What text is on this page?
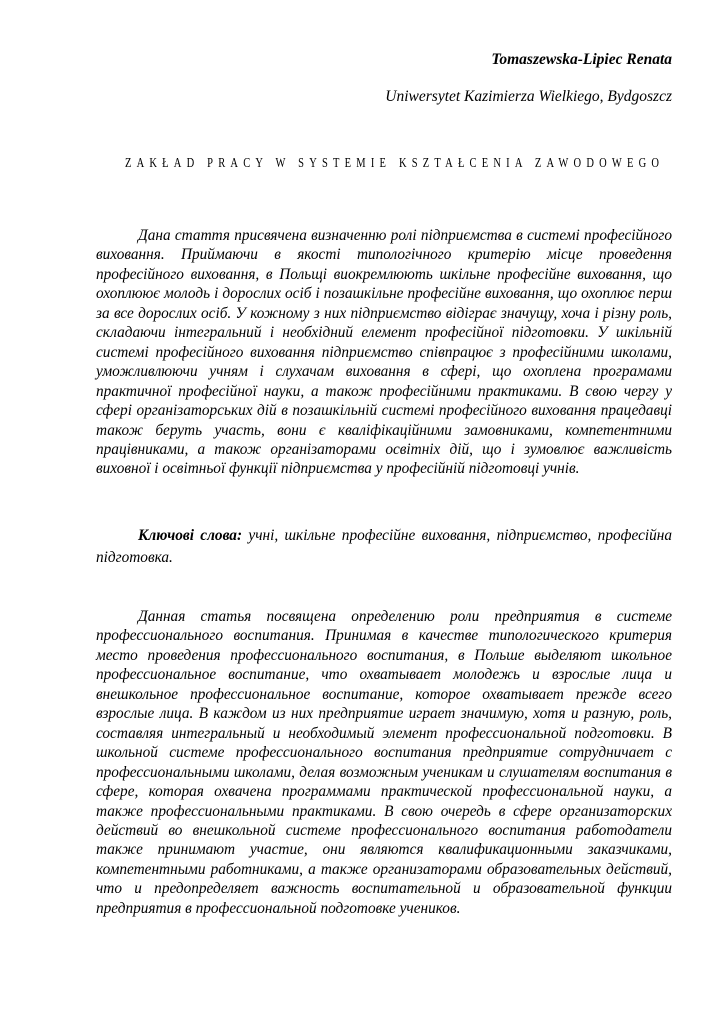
Tomaszewska-Lipiec Renata
Uniwersytet Kazimierza Wielkiego, Bydgoszcz
ZAKŁAD PRACY W SYSTEMIE KSZTAŁCENIA ZAWODOWEGO

Дана стаття присвячена визначенню ролі підприємства в системі професійного виховання. Приймаючи в якості типологічного критерію місце проведення професійного виховання, в Польщі виокремлюють шкільне професійне виховання, що охоплюює молодь і дорослих осіб і позашкільне професійне виховання, що охоплює перш за все дорослих осіб. У кожному з них підприємство відіграє значущу, хоча і різну роль, складаючи інтегральний і необхідний елемент професійної підготовки. У шкільній системі професійного виховання підприємство співпрацює з професійними школами, уможливлюючи учням і слухачам виховання в сфері, що охоплена програмами практичної професійної науки, а також професійними практиками. В свою чергу у сфері організаторських дій в позашкільній системі професійного виховання працедавці також беруть участь, вони є кваліфікаційними замовниками, компетентними працівниками, а також організаторами освітніх дій, що і зумовлює важливість виховної і освітньої функції підприємства у професійній підготовці учнів.

Ключові слова: учні, шкільне професійне виховання, підприємство, професійна підготовка.

Данная статья посвящена определению роли предприятия в системе профессионального воспитания. Принимая в качестве типологического критерия место проведения профессионального воспитания, в Польше выделяют школьное профессиональное воспитание, что охватывает молодежь и взрослые лица и внешкольное профессиональное воспитание, которое охватывает прежде всего взрослые лица. В каждом из них предприятие играет значимую, хотя и разную, роль, составляя интегральный и необходимый элемент профессиональной подготовки. В школьной системе профессионального воспитания предприятие сотрудничает с профессиональными школами, делая возможным ученикам и слушателям воспитания в сфере, которая охвачена программами практической профессиональной науки, а также профессиональными практиками. В свою очередь в сфере организаторских действий во внешкольной системе профессионального воспитания работодатели также принимают участие, они являются квалификационными заказчиками, компетентными работниками, а также организаторами образовательных действий, что и предопределяет важность воспитательной и образовательной функции предприятия в профессиональной подготовке учеников.
